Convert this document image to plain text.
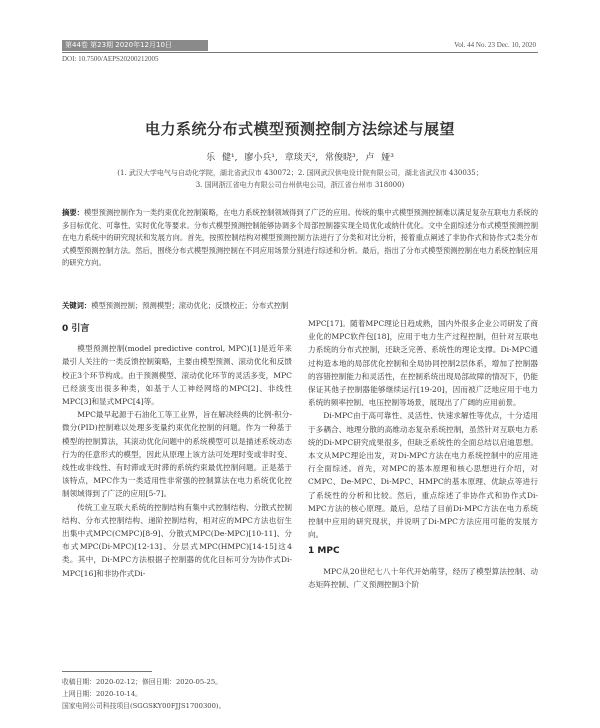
第44卷 第23期 2020年12月10日	Vol. 44 No. 23 Dec. 10, 2020
DOI: 10.7500/AEPS20200212005
电力系统分布式模型预测控制方法综述与展望
乐 健¹, 廖小兵¹, 章琰天², 常俊晓³, 卢 娅³
(1. 武汉大学电气与自动化学院，湖北省武汉市 430072；2. 国网武汉供电设计院有限公司，湖北省武汉市 430035；
3. 国网浙江省电力有限公司台州供电公司，浙江省台州市 318000)
摘要：模型预测控制作为一类约束优化控制策略，在电力系统控制领域得到了广泛的应用。传统的集中式模型预测控制难以满足复杂互联电力系统的多目标优化、可靠性、实时优化等要求。分布式模型预测控制能够协调多个局部控制器实现全局优化或纳什优化。文中全面综述分布式模型预测控制在电力系统中的研究现状和发展方向。首先，按照控制结构对模型预测控制方法进行了分类和对比分析，接着重点阐述了非协作式和协作式2类分布式模型预测控制方法。然后，围绕分布式模型预测控制在不同应用场景分别进行综述和分析。最后，指出了分布式模型预测控制在电力系统控制应用的研究方向。
关键词：模型预测控制；预测模型；滚动优化；反馈校正；分布式控制
0 引言

模型预测控制(model predictive control, MPC)[1]是近年来最引人关注的一类反馈控制策略，主要由模型预测、滚动优化和反馈校正3个环节构成。由于预测模型、滚动优化环节的灵活多变，MPC已经演变出很多种类，如基于人工神经网络的MPC[2]、非线性MPC[3]和显式MPC[4]等。

MPC最早起源于石油化工等工业界，旨在解决经典的比例-积分-微分(PID)控制难以处理多变量约束优化控制的问题。作为一种基于模型的控制算法，其滚动优化问题中的系统模型可以是描述系统动态行为的任意形式的模型，因此从原理上该方法可处理时变或非时变、线性或非线性、有时滞或无时滞的系统约束最优控制问题。正是基于该特点，MPC作为一类适用性非常强的控制算法在电力系统优化控制领域得到了广泛的应用[5-7]。

传统工业互联大系统的控制结构有集中式控制结构、分散式控制结构、分布式控制结构、递阶控制结构，相对应的MPC方法也衍生出集中式MPC(CMPC)[8-9]、分散式MPC(De-MPC)[10-11]、分布式MPC(Di-MPC)[12-13]、分层式MPC(HMPC)[14-15]这4类。其中，Di-MPC方法根据子控制器的优化目标可分为协作式Di-MPC[16]和非协作式Di-

MPC[17]。随着MPC理论日趋成熟，国内外很多企业公司研发了商业化的MPC软件包[18]，应用于电力生产过程控制，但针对互联电力系统的分布式控制，还缺乏完善、系统性的理论支撑。Di-MPC通过构造本地的局部优化控制和全局协同控制2层体系，增加了控制器的容错控制能力和灵活性，在控制系统出现局部故障的情况下，仍能保证其他子控制器能够继续运行[19-20]，因而被广泛地应用于电力系统的频率控制、电压控制等场景，展现出了广阔的应用前景。

Di-MPC由于高可靠性、灵活性、快速求解性等优点，十分适用于多耦合、地理分散的高维动态复杂系统控制，虽然针对互联电力系统的Di-MPC研究成果很多，但缺乏系统性的全面总结以启迪思想。本文从MPC理论出发，对Di-MPC方法在电力系统控制中的应用进行全面综述。首先，对MPC的基本原理和核心思想进行介绍，对CMPC、De-MPC、Di-MPC、HMPC的基本原理、优缺点等进行了系统性的分析和比较。然后，重点综述了非协作式和协作式Di-MPC方法的核心原理。最后，总结了目前Di-MPC方法在电力系统控制中应用的研究现状，并说明了Di-MPC方法应用可能的发展方向。

1 MPC

MPC从20世纪七八十年代开始萌芽，经历了模型算法控制、动态矩阵控制、广义预测控制3个阶

收稿日期：2020-02-12；修回日期：2020-05-25。
上网日期：2020-10-14。
国家电网公司科技项目(SGGSKY00FJJS1700300)。
